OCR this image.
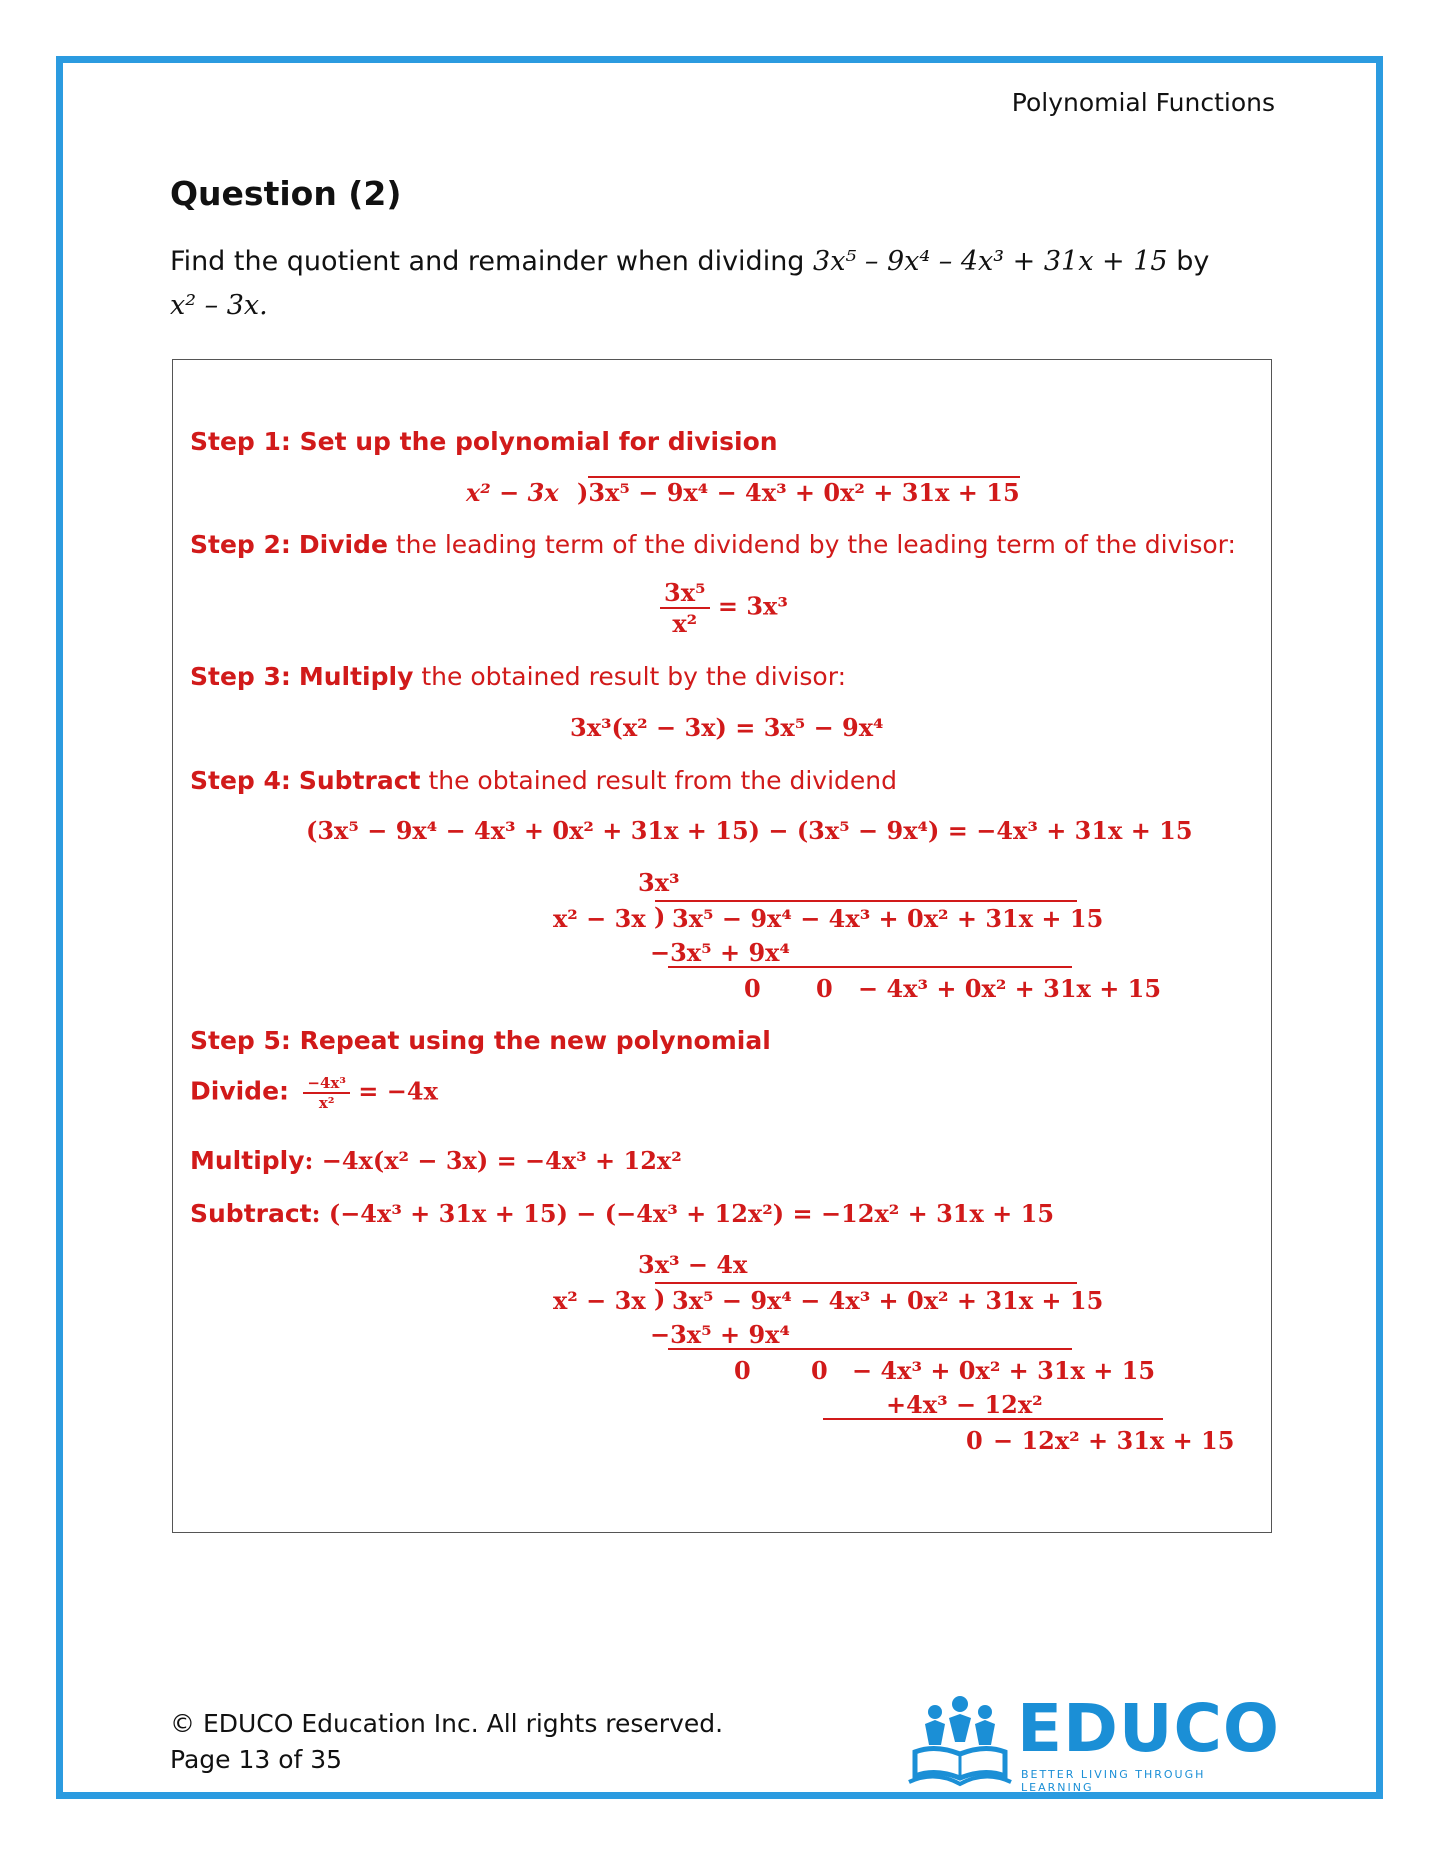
Polynomial Functions
Question (2)
Find the quotient and remainder when dividing 3x⁵ – 9x⁴ – 4x³ + 31x + 15 by
x² – 3x.
Step 1: Set up the polynomial for division
x² − 3x )3x⁵ − 9x⁴ − 4x³ + 0x² + 31x + 15
Step 2: Divide the leading term of the dividend by the leading term of the divisor:
$\frac{\text{3x⁵}}{\text{x²}} = 3x^3$
Step 3: Multiply the obtained result by the divisor:
3x³(x² − 3x) = 3x⁵ − 9x⁴
Step 4: Subtract the obtained result from the dividend
(3x⁵ − 9x⁴ − 4x³ + 0x² + 31x + 15) − (3x⁵ − 9x⁴) = −4x³ + 31x + 15
3x³
x² − 3x ) 3x⁵ − 9x⁴ − 4x³ + 0x² + 31x + 15
−3x⁵ + 9x⁴
0 0 − 4x³ + 0x² + 31x + 15
Step 5: Repeat using the new polynomial
Divide: $\frac{\text{−4x³}}{\text{x²}} = -4x$
Multiply: −4x(x² − 3x) = −4x³ + 12x²
Subtract: (−4x³ + 31x + 15) − (−4x³ + 12x²) = −12x² + 31x + 15
3x³ − 4x
x² − 3x ) 3x⁵ − 9x⁴ − 4x³ + 0x² + 31x + 15
−3x⁵ + 9x⁴
0	0 − 4x³ + 0x² + 31x + 15
+4x³ − 12x²
0 − 12x² + 31x + 15
© EDUCO Education Inc. All rights reserved.
Page 13 of 35	EDUCO
BETTER LIVING THROUGH LEARNING
